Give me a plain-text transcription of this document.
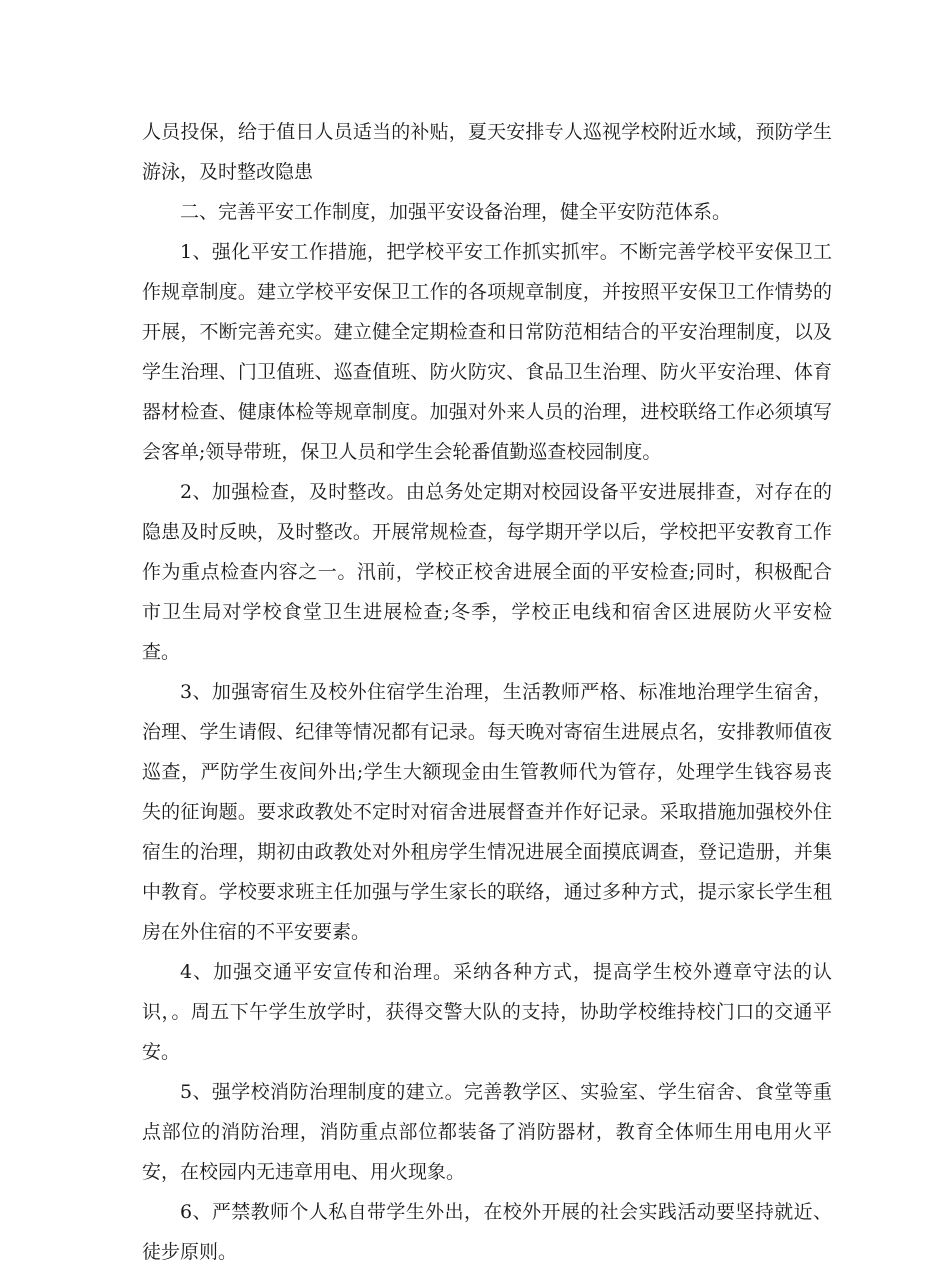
人员投保，给于值日人员适当的补贴，夏天安排专人巡视学校附近水域，预防学生游泳，及时整改隐患

二、完善平安工作制度，加强平安设备治理，健全平安防范体系。

1、强化平安工作措施，把学校平安工作抓实抓牢。不断完善学校平安保卫工作规章制度。建立学校平安保卫工作的各项规章制度，并按照平安保卫工作情势的开展，不断完善充实。建立健全定期检查和日常防范相结合的平安治理制度，以及学生治理、门卫值班、巡查值班、防火防灾、食品卫生治理、防火平安治理、体育器材检查、健康体检等规章制度。加强对外来人员的治理，进校联络工作必须填写会客单;领导带班，保卫人员和学生会轮番值勤巡查校园制度。

2、加强检查，及时整改。由总务处定期对校园设备平安进展排查，对存在的隐患及时反映，及时整改。开展常规检查，每学期开学以后，学校把平安教育工作作为重点检查内容之一。汛前，学校正校舍进展全面的平安检查;同时，积极配合市卫生局对学校食堂卫生进展检查;冬季，学校正电线和宿舍区进展防火平安检查。

3、加强寄宿生及校外住宿学生治理，生活教师严格、标准地治理学生宿舍，治理、学生请假、纪律等情况都有记录。每天晚对寄宿生进展点名，安排教师值夜巡查，严防学生夜间外出;学生大额现金由生管教师代为管存，处理学生钱容易丧失的征询题。要求政教处不定时对宿舍进展督查并作好记录。采取措施加强校外住宿生的治理，期初由政教处对外租房学生情况进展全面摸底调查，登记造册，并集中教育。学校要求班主任加强与学生家长的联络，通过多种方式，提示家长学生租房在外住宿的不平安要素。

4、加强交通平安宣传和治理。采纳各种方式，提高学生校外遵章守法的认识，。周五下午学生放学时，获得交警大队的支持，协助学校维持校门口的交通平安。

5、强学校消防治理制度的建立。完善教学区、实验室、学生宿舍、食堂等重点部位的消防治理，消防重点部位都装备了消防器材，教育全体师生用电用火平安，在校园内无违章用电、用火现象。

6、严禁教师个人私自带学生外出，在校外开展的社会实践活动要坚持就近、徒步原则。
